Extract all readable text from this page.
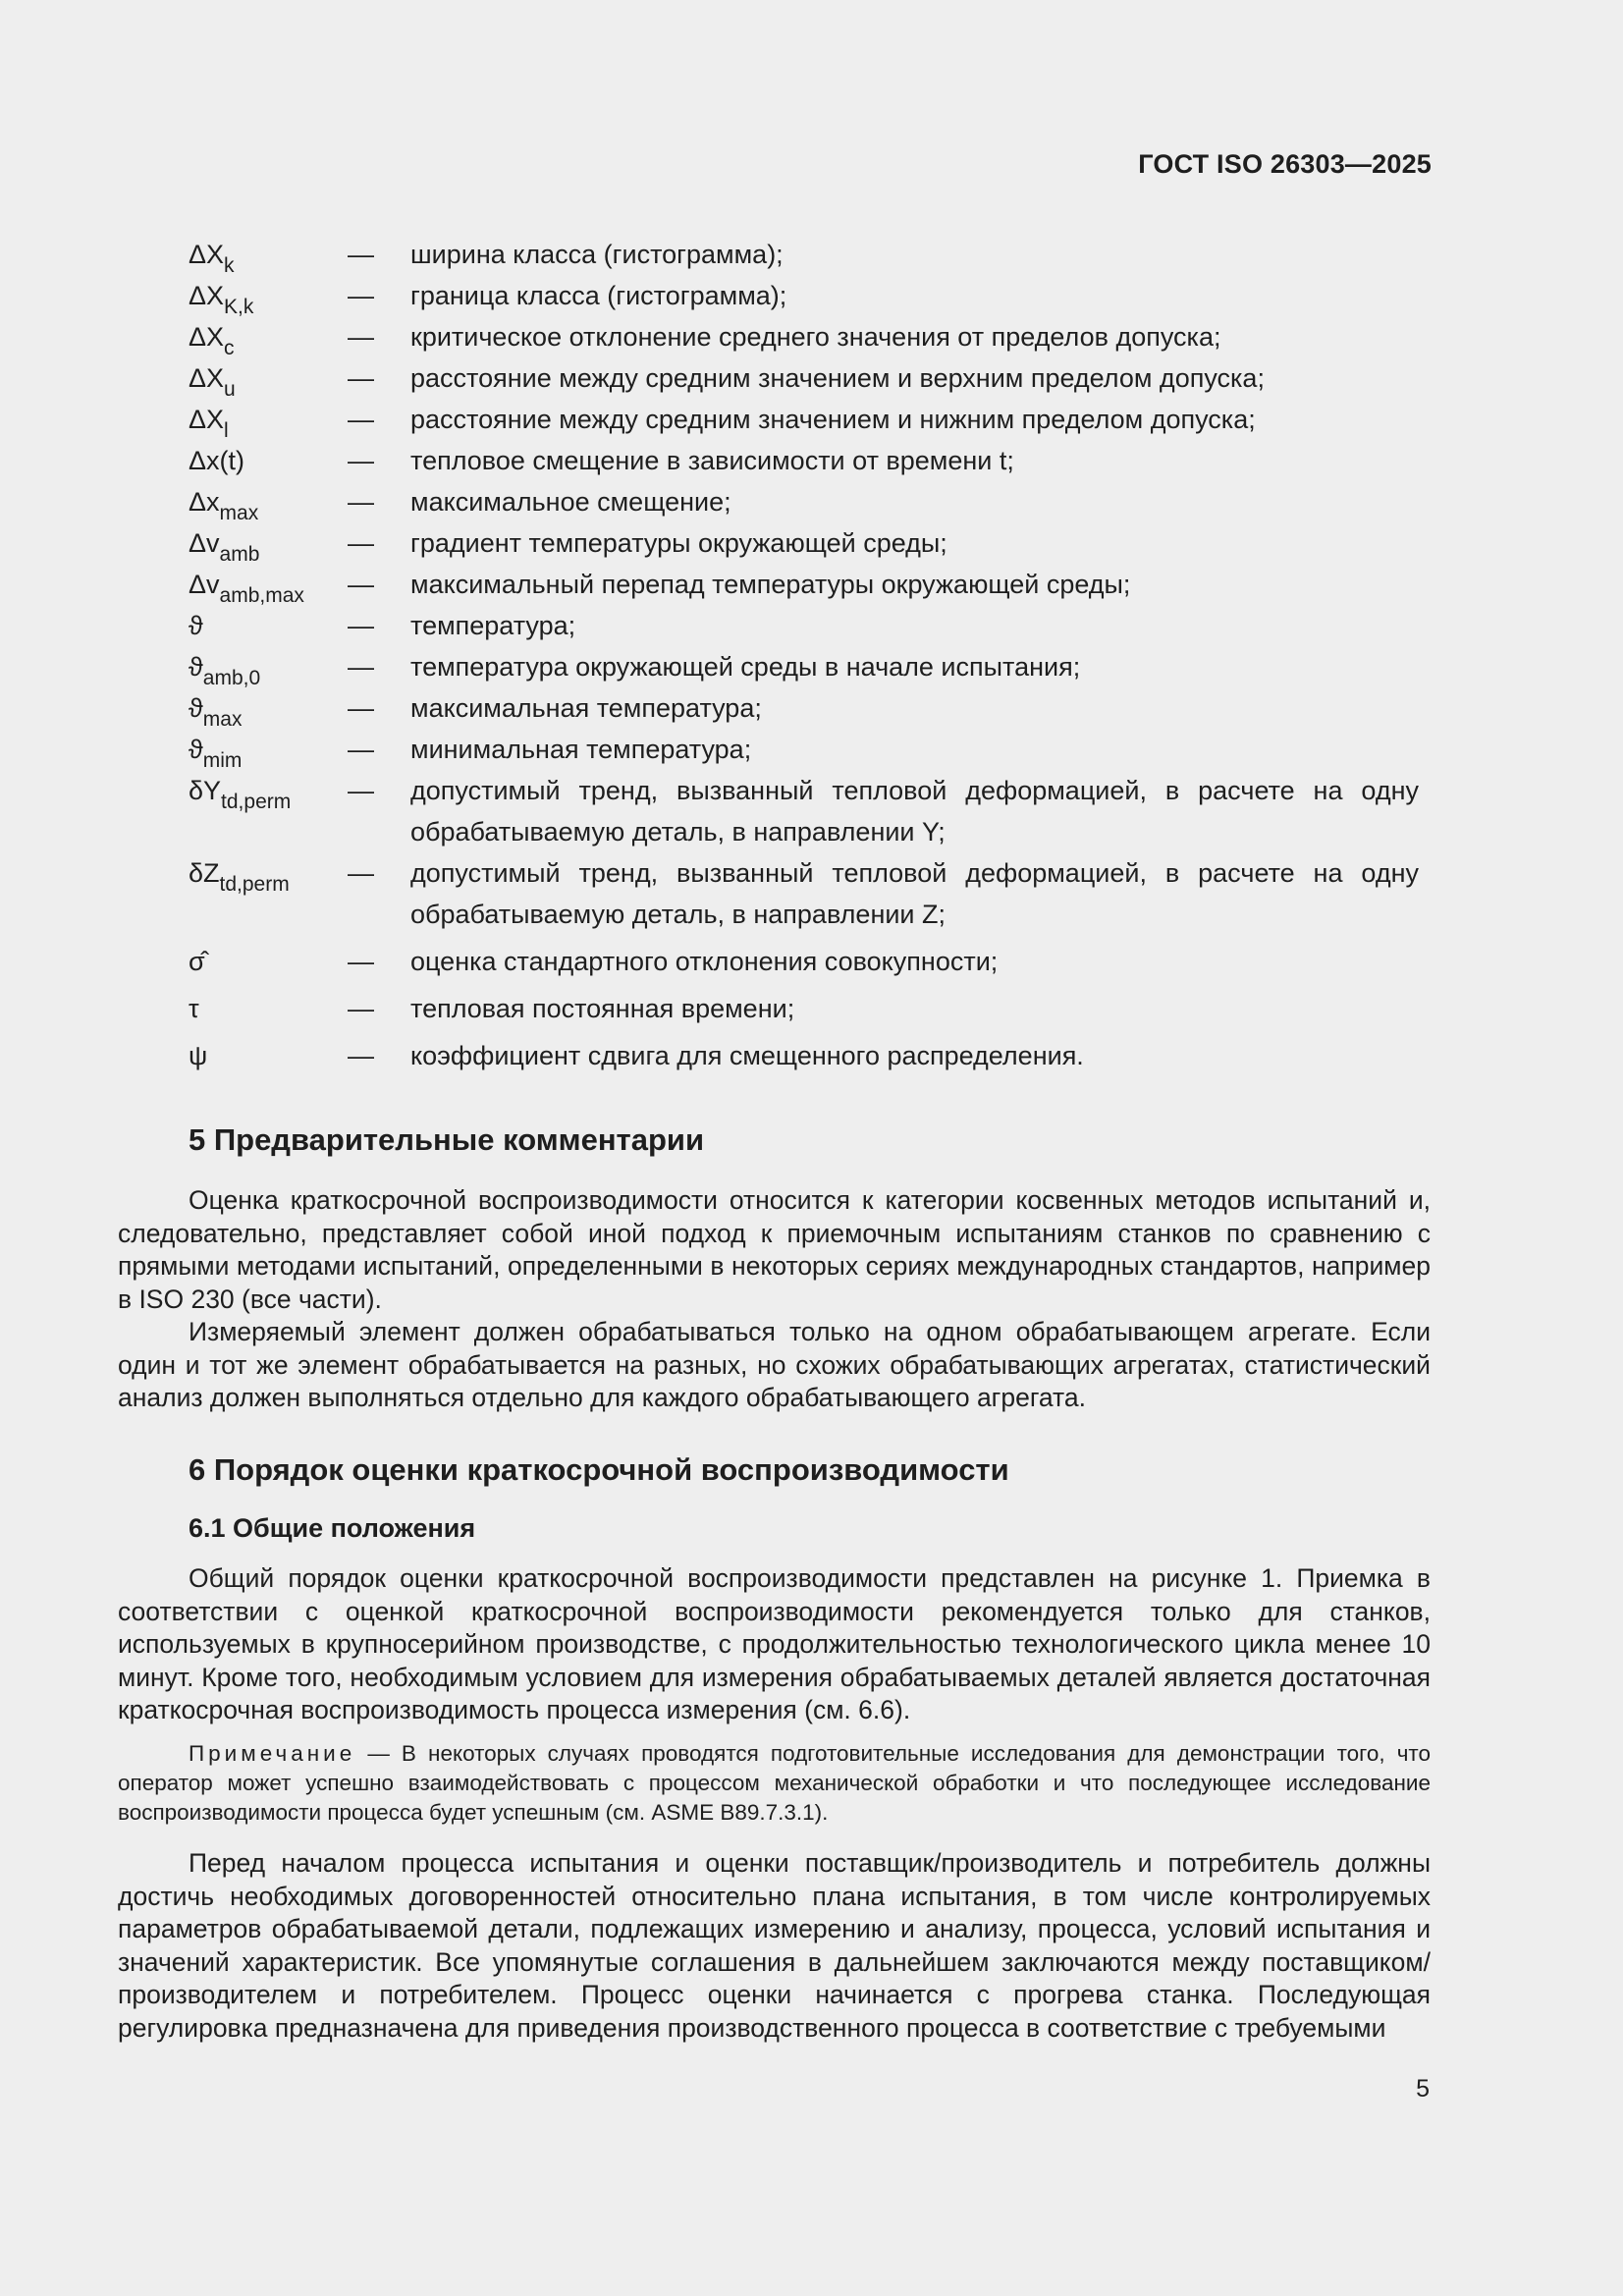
ГОСТ ISO 26303—2025
$\Delta X_k$	—	ширина класса (гистограмма);
$\Delta X_{K,k}$	—	граница класса (гистограмма);
$\Delta X_c$	—	критическое отклонение среднего значения от пределов допуска;
$\Delta X_u$	—	расстояние между средним значением и верхним пределом допуска;
$\Delta X_l$	—	расстояние между средним значением и нижним пределом допуска;
Δx(t)	—	тепловое смещение в зависимости от времени t;
$\Delta x_{max}$	—	максимальное смещение;
$\Delta v_{amb}$	—	градиент температуры окружающей среды;
$\Delta v_{amb,max}$	—	максимальный перепад температуры окружающей среды;
ϑ	—	температура;
$ϑ_{amb,0}$	—	температура окружающей среды в начале испытания;
$ϑ_{max}$	—	максимальная температура;
$ϑ_{mim}$	—	минимальная температура;
$\delta Y_{td,perm}$	—	допустимый тренд, вызванный тепловой деформацией, в расчете на одну
обрабатываемую деталь, в направлении Y;
$\delta Z_{td,perm}$	—	допустимый тренд, вызванный тепловой деформацией, в расчете на одну
обрабатываемую деталь, в направлении Z;
σ̂	—	оценка стандартного отклонения совокупности;
τ	—	тепловая постоянная времени;
ψ	—	коэффициент сдвига для смещенного распределения.
5 Предварительные комментарии

Оценка краткосрочной воспроизводимости относится к категории косвенных методов испытаний и, следовательно, представляет собой иной подход к приемочным испытаниям станков по сравнению с прямыми методами испытаний, определенными в некоторых сериях международных стандартов, например в ISO 230 (все части).

Измеряемый элемент должен обрабатываться только на одном обрабатывающем агрегате. Если один и тот же элемент обрабатывается на разных, но схожих обрабатывающих агрегатах, статистический анализ должен выполняться отдельно для каждого обрабатывающего агрегата.

6 Порядок оценки краткосрочной воспроизводимости
6.1 Общие положения

Общий порядок оценки краткосрочной воспроизводимости представлен на рисунке 1. Приемка в соответствии с оценкой краткосрочной воспроизводимости рекомендуется только для станков, используемых в крупносерийном производстве, с продолжительностью технологического цикла менее 10 минут. Кроме того, необходимым условием для измерения обрабатываемых деталей является достаточная краткосрочная воспроизводимость процесса измерения (см. 6.6).

Примечание — В некоторых случаях проводятся подготовительные исследования для демонстрации того, что оператор может успешно взаимодействовать с процессом механической обработки и что последующее исследование воспроизводимости процесса будет успешным (см. ASME B89.7.3.1).

Перед началом процесса испытания и оценки поставщик/производитель и потребитель должны достичь необходимых договоренностей относительно плана испытания, в том числе контролируемых параметров обрабатываемой детали, подлежащих измерению и анализу, процесса, условий испытания и значений характеристик. Все упомянутые соглашения в дальнейшем заключаются между поставщиком/производителем и потребителем. Процесс оценки начинается с прогрева станка. Последующая регулировка предназначена для приведения производственного процесса в соответствие с требуемыми

5
